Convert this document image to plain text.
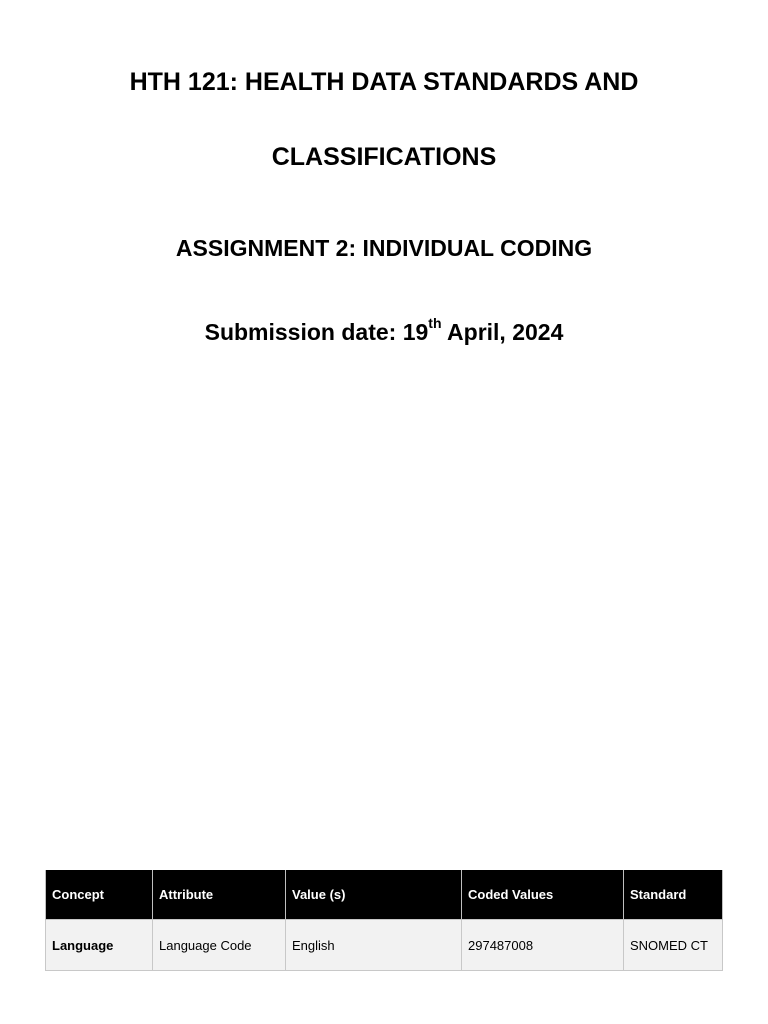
HTH 121: HEALTH DATA STANDARDS AND

CLASSIFICATIONS

ASSIGNMENT 2: INDIVIDUAL CODING

Submission date: 19th April, 2024

Concept	Attribute	Value (s)	Coded Values	Standard
Language	Language Code	English	297487008	SNOMED CT
